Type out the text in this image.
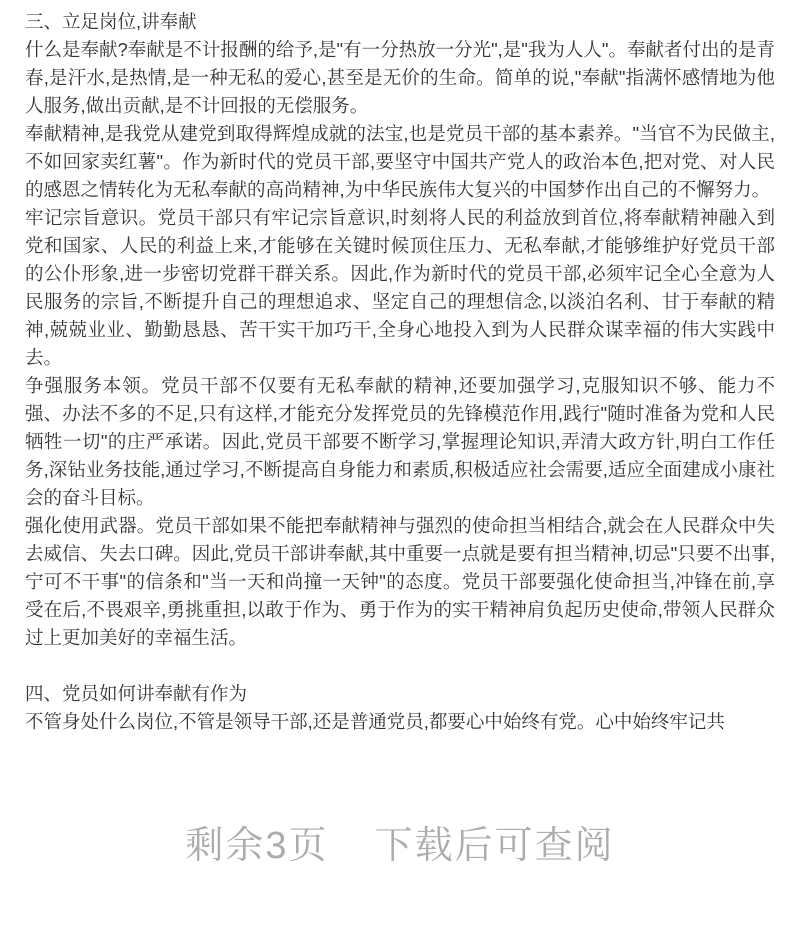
三、立足岗位,讲奉献

什么是奉献?奉献是不计报酬的给予,是"有一分热放一分光",是"我为人人"。奉献者付出的是青春,是汗水,是热情,是一种无私的爱心,甚至是无价的生命。简单的说,"奉献"指满怀感情地为他人服务,做出贡献,是不计回报的无偿服务。

奉献精神,是我党从建党到取得辉煌成就的法宝,也是党员干部的基本素养。"当官不为民做主,不如回家卖红薯"。作为新时代的党员干部,要坚守中国共产党人的政治本色,把对党、对人民的感恩之情转化为无私奉献的高尚精神,为中华民族伟大复兴的中国梦作出自己的不懈努力。

牢记宗旨意识。党员干部只有牢记宗旨意识,时刻将人民的利益放到首位,将奉献精神融入到党和国家、人民的利益上来,才能够在关键时候顶住压力、无私奉献,才能够维护好党员干部的公仆形象,进一步密切党群干群关系。因此,作为新时代的党员干部,必须牢记全心全意为人民服务的宗旨,不断提升自己的理想追求、坚定自己的理想信念,以淡泊名利、甘于奉献的精神,兢兢业业、勤勤恳恳、苦干实干加巧干,全身心地投入到为人民群众谋幸福的伟大实践中去。

争强服务本领。党员干部不仅要有无私奉献的精神,还要加强学习,克服知识不够、能力不强、办法不多的不足,只有这样,才能充分发挥党员的先锋模范作用,践行"随时准备为党和人民牺牲一切"的庄严承诺。因此,党员干部要不断学习,掌握理论知识,弄清大政方针,明白工作任务,深钻业务技能,通过学习,不断提高自身能力和素质,积极适应社会需要,适应全面建成小康社会的奋斗目标。

强化使用武器。党员干部如果不能把奉献精神与强烈的使命担当相结合,就会在人民群众中失去威信、失去口碑。因此,党员干部讲奉献,其中重要一点就是要有担当精神,切忌"只要不出事,宁可不干事"的信条和"当一天和尚撞一天钟"的态度。党员干部要强化使命担当,冲锋在前,享受在后,不畏艰辛,勇挑重担,以敢于作为、勇于作为的实干精神肩负起历史使命,带领人民群众过上更加美好的幸福生活。

四、党员如何讲奉献有作为

不管身处什么岗位,不管是领导干部,还是普通党员,都要心中始终有党。心中始终牢记共

剩余3页 下载后可查阅
